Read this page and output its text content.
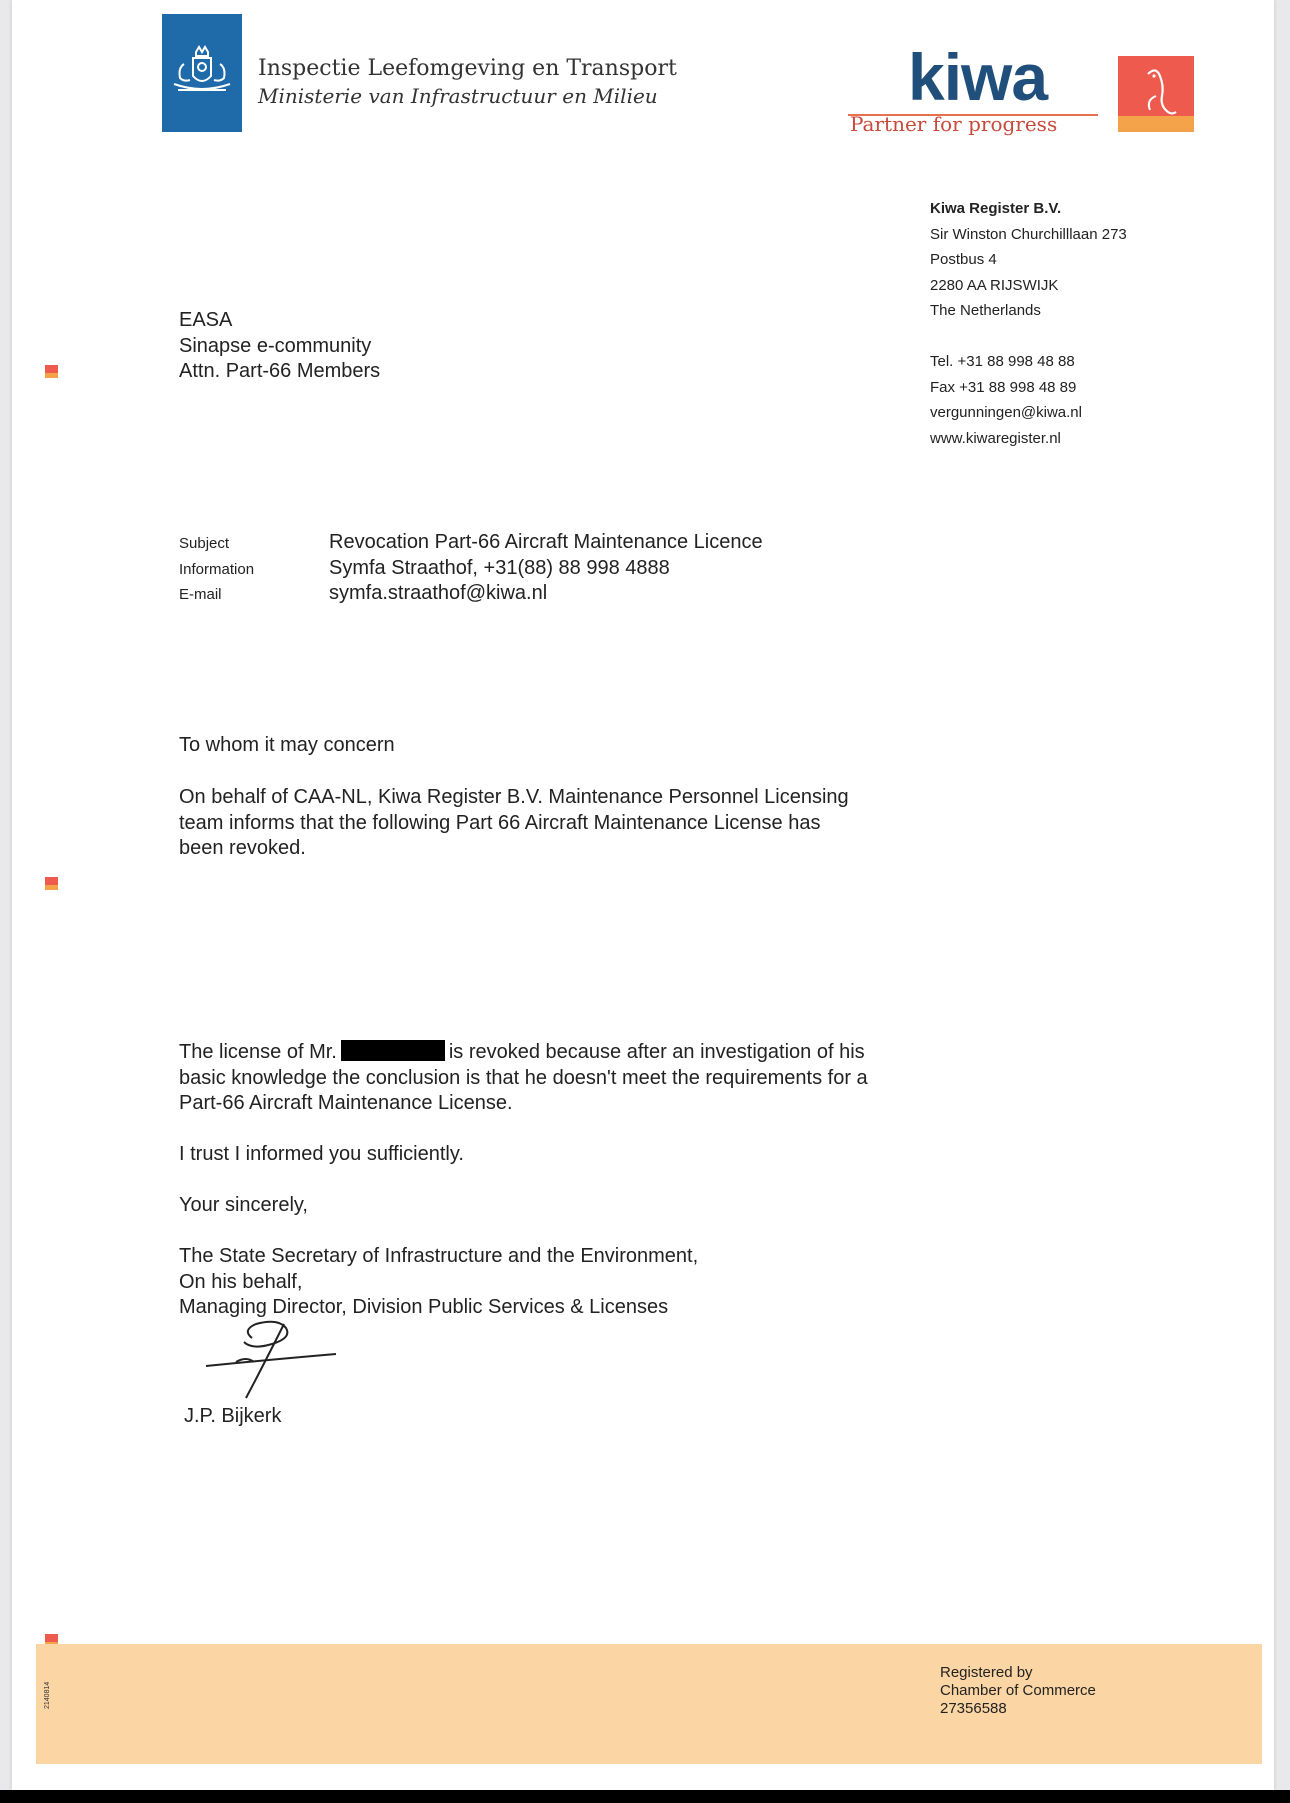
Inspectie Leefomgeving en Transport
Ministerie van Infrastructuur en Milieu	kiwa
Partner for progress
Kiwa Register B.V.
Sir Winston Churchilllaan 273
Postbus 4
2280 AA RIJSWIJK
The Netherlands
Tel. +31 88 998 48 88
Fax +31 88 998 48 89
vergunningen@kiwa.nl
www.kiwaregister.nl
EASA
Sinapse e-community
Attn. Part-66 Members
Subject	Revocation Part-66 Aircraft Maintenance Licence
Information	Symfa Straathof, +31(88) 88 998 4888
E-mail	symfa.straathof@kiwa.nl
To whom it may concern
On behalf of CAA-NL, Kiwa Register B.V. Maintenance Personnel Licensing
team informs that the following Part 66 Aircraft Maintenance License has
been revoked.
The license of Mr.	is revoked because after an investigation of his
basic knowledge the conclusion is that he doesn't meet the requirements for a
Part-66 Aircraft Maintenance License.
I trust I informed you sufficiently.
Your sincerely,
The State Secretary of Infrastructure and the Environment,
On his behalf,
Managing Director, Division Public Services & Licenses
J.P. Bijkerk
2140814
Registered by
Chamber of Commerce
27356588
